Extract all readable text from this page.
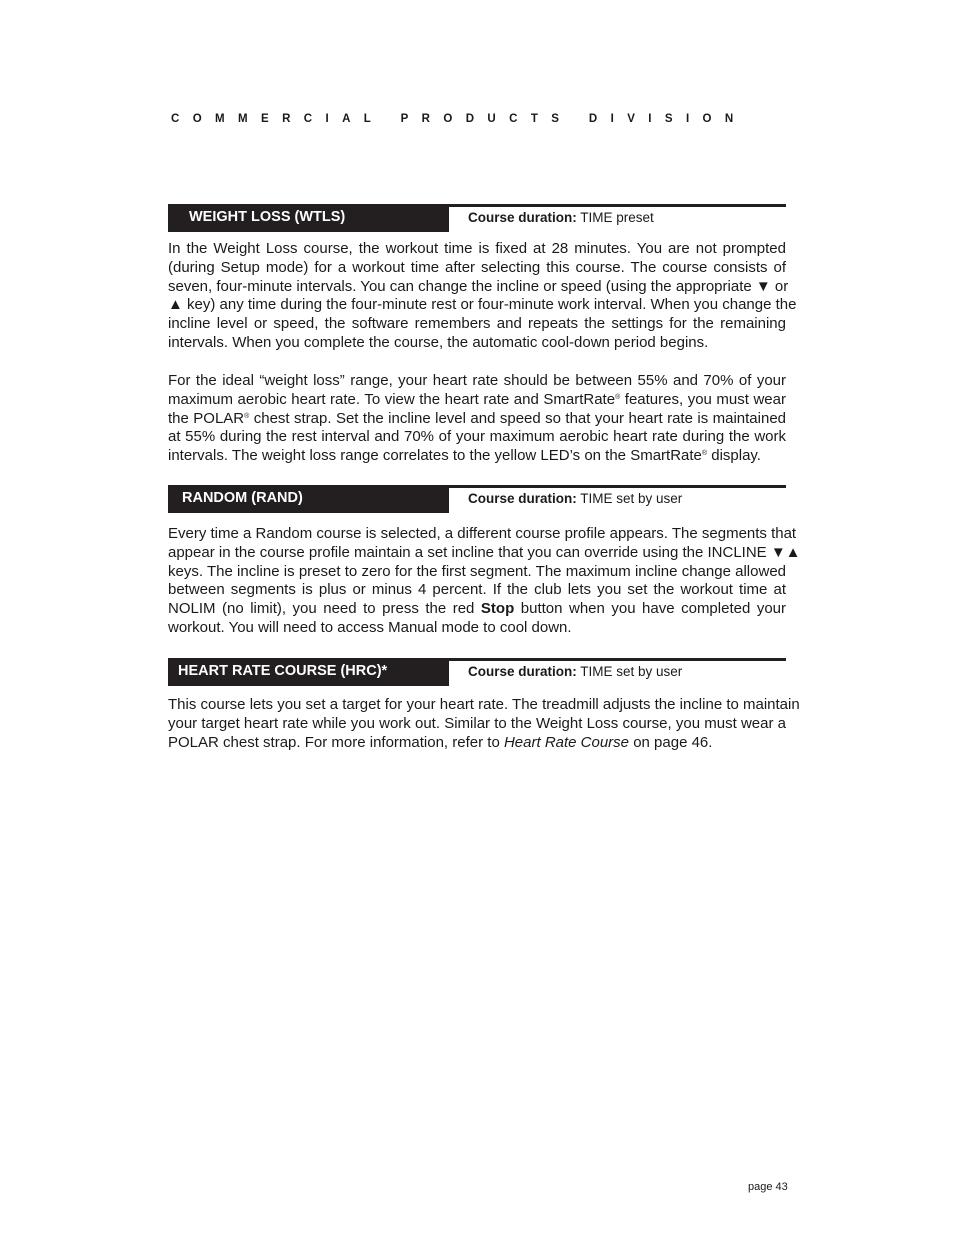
COMMERCIAL PRODUCTS DIVISION
WEIGHT LOSS (WTLS)	Course duration: TIME preset

In the Weight Loss course, the workout time is fixed at 28 minutes. You are not prompted
(during Setup mode) for a workout time after selecting this course. The course consists of
seven, four-minute intervals. You can change the incline or speed (using the appropriate ▼ or
▲ key) any time during the four-minute rest or four-minute work interval. When you change the
incline level or speed, the software remembers and repeats the settings for the remaining
intervals. When you complete the course, the automatic cool-down period begins.

For the ideal “weight loss” range, your heart rate should be between 55% and 70% of your
maximum aerobic heart rate. To view the heart rate and SmartRate® features, you must wear
the POLAR® chest strap. Set the incline level and speed so that your heart rate is maintained
at 55% during the rest interval and 70% of your maximum aerobic heart rate during the work
intervals. The weight loss range correlates to the yellow LED’s on the SmartRate® display.

RANDOM (RAND)	Course duration: TIME set by user

Every time a Random course is selected, a different course profile appears. The segments that
appear in the course profile maintain a set incline that you can override using the INCLINE ▼▲
keys. The incline is preset to zero for the first segment. The maximum incline change allowed
between segments is plus or minus 4 percent. If the club lets you set the workout time at
NOLIM (no limit), you need to press the red Stop button when you have completed your
workout. You will need to access Manual mode to cool down.

HEART RATE COURSE (HRC)*	Course duration: TIME set by user

This course lets you set a target for your heart rate. The treadmill adjusts the incline to maintain
your target heart rate while you work out. Similar to the Weight Loss course, you must wear a
POLAR chest strap. For more information, refer to Heart Rate Course on page 46.

page 43
